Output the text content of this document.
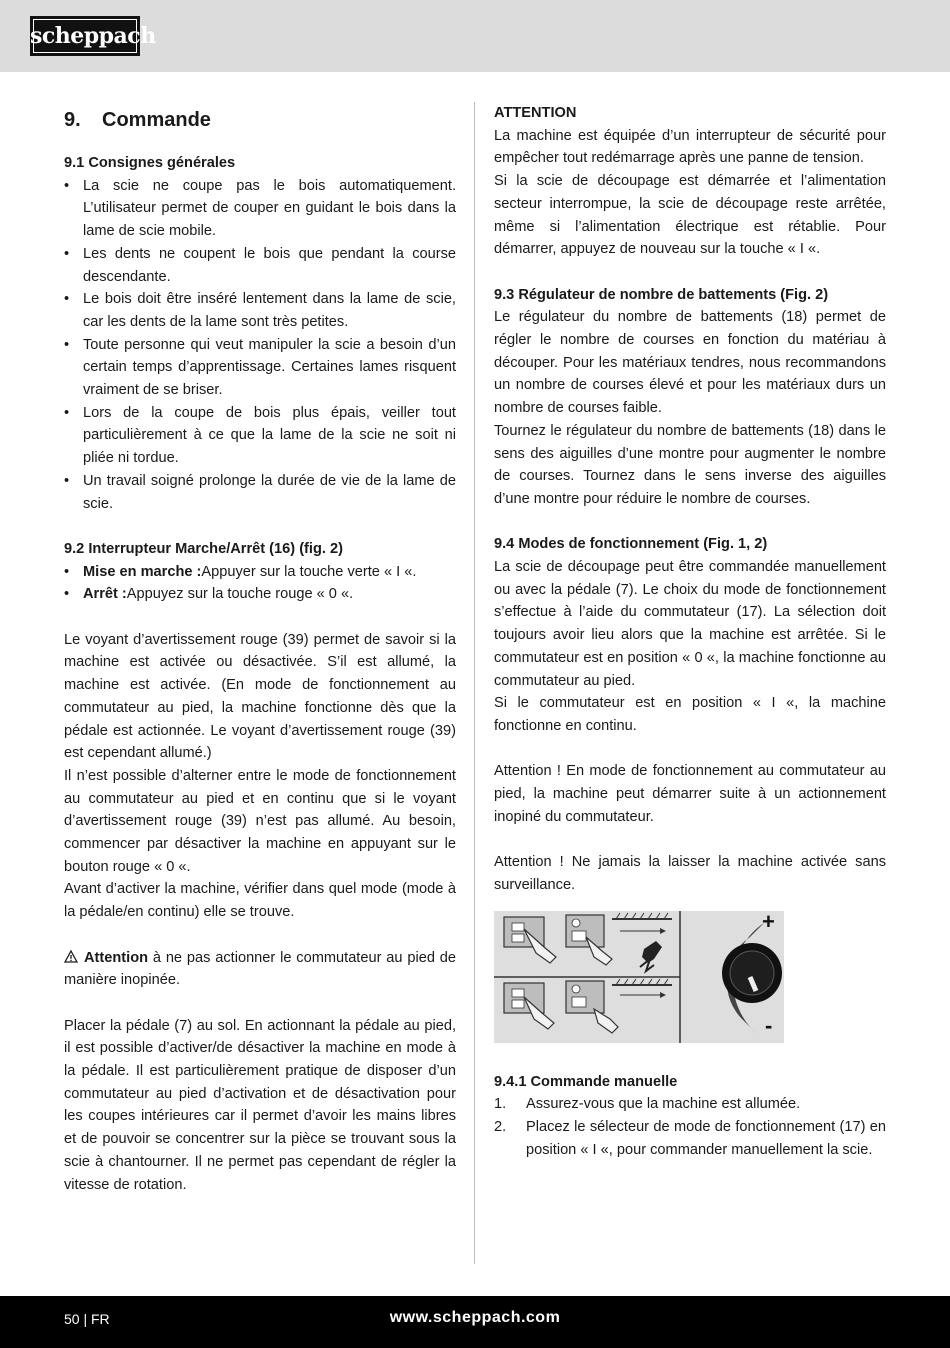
scheppach
9. Commande
9.1 Consignes générales
• La scie ne coupe pas le bois automatiquement. L’utilisateur permet de couper en guidant le bois dans la lame de scie mobile.
• Les dents ne coupent le bois que pendant la course descendante.
• Le bois doit être inséré lentement dans la lame de scie, car les dents de la lame sont très petites.
• Toute personne qui veut manipuler la scie a besoin d’un certain temps d’apprentissage. Certaines lames risquent vraiment de se briser.
• Lors de la coupe de bois plus épais, veiller tout particulièrement à ce que la lame de la scie ne soit ni pliée ni tordue.
• Un travail soigné prolonge la durée de vie de la lame de scie.
9.2 Interrupteur Marche/Arrêt (16) (fig. 2)
• Mise en marche :Appuyer sur la touche verte « I «.
• Arrêt :Appuyez sur la touche rouge « 0 «.

Le voyant d’avertissement rouge (39) permet de savoir si la machine est activée ou désactivée. S’il est allumé, la machine est activée. (En mode de fonctionnement au commutateur au pied, la machine fonctionne dès que la pédale est actionnée. Le voyant d’avertissement rouge (39) est cependant allumé.)

Il n’est possible d’alterner entre le mode de fonctionnement au commutateur au pied et en continu que si le voyant d’avertissement rouge (39) n’est pas allumé. Au besoin, commencer par désactiver la machine en appuyant sur le bouton rouge « 0 «.

Avant d’activer la machine, vérifier dans quel mode (mode à la pédale/en continu) elle se trouve.

Attention à ne pas actionner le commutateur au pied de manière inopinée.

Placer la pédale (7) au sol. En actionnant la pédale au pied, il est possible d’activer/de désactiver la machine en mode à la pédale. Il est particulièrement pratique de disposer d’un commutateur au pied d’activation et de désactivation pour les coupes intérieures car il permet d’avoir les mains libres et de pouvoir se concentrer sur la pièce se trouvant sous la scie à chantourner. Il ne permet pas cependant de régler la vitesse de rotation.

ATTENTION

La machine est équipée d’un interrupteur de sécurité pour empêcher tout redémarrage après une panne de tension.

Si la scie de découpage est démarrée et l’alimentation secteur interrompue, la scie de découpage reste arrêtée, même si l’alimentation électrique est rétablie. Pour démarrer, appuyez de nouveau sur la touche « I «.

9.3 Régulateur de nombre de battements (Fig. 2)

Le régulateur du nombre de battements (18) permet de régler le nombre de courses en fonction du matériau à découper. Pour les matériaux tendres, nous recommandons un nombre de courses élevé et pour les matériaux durs un nombre de courses faible.

Tournez le régulateur du nombre de battements (18) dans le sens des aiguilles d’une montre pour augmenter le nombre de courses. Tournez dans le sens inverse des aiguilles d’une montre pour réduire le nombre de courses.

9.4 Modes de fonctionnement (Fig. 1, 2)

La scie de découpage peut être commandée manuellement ou avec la pédale (7). Le choix du mode de fonctionnement s’effectue à l’aide du commutateur (17). La sélection doit toujours avoir lieu alors que la machine est arrêtée. Si le commutateur est en position « 0 «, la machine fonctionne au commutateur au pied.

Si le commutateur est en position « I «, la machine fonctionne en continu.

Attention ! En mode de fonctionnement au commutateur au pied, la machine peut démarrer suite à un actionnement inopiné du commutateur.

Attention ! Ne jamais la laisser la machine activée sans surveillance.

+
-
9.4.1 Commande manuelle
1. Assurez-vous que la machine est allumée.
2. Placez le sélecteur de mode de fonctionnement (17) en position « I «, pour commander manuellement la scie.
50 | FR	www.scheppach.com
